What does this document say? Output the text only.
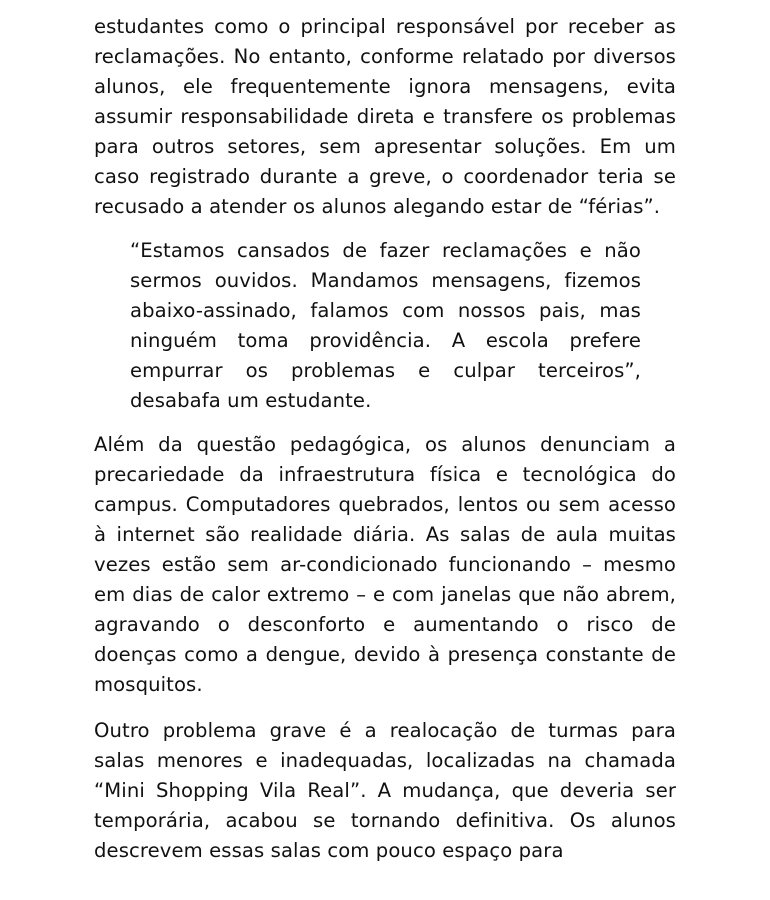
estudantes como o principal responsável por receber as reclamações. No entanto, conforme relatado por diversos alunos, ele frequentemente ignora mensagens, evita assumir responsabilidade direta e transfere os problemas para outros setores, sem apresentar soluções. Em um caso registrado durante a greve, o coordenador teria se recusado a atender os alunos alegando estar de “férias”.

“Estamos cansados de fazer reclamações e não sermos ouvidos. Mandamos mensagens, fizemos abaixo-assinado, falamos com nossos pais, mas ninguém toma providência. A escola prefere empurrar os problemas e culpar terceiros”, desabafa um estudante.

Além da questão pedagógica, os alunos denunciam a precariedade da infraestrutura física e tecnológica do campus. Computadores quebrados, lentos ou sem acesso à internet são realidade diária. As salas de aula muitas vezes estão sem ar-condicionado funcionando – mesmo em dias de calor extremo – e com janelas que não abrem, agravando o desconforto e aumentando o risco de doenças como a dengue, devido à presença constante de mosquitos.

Outro problema grave é a realocação de turmas para salas menores e inadequadas, localizadas na chamada “Mini Shopping Vila Real”. A mudança, que deveria ser temporária, acabou se tornando definitiva. Os alunos descrevem essas salas com pouco espaço para
